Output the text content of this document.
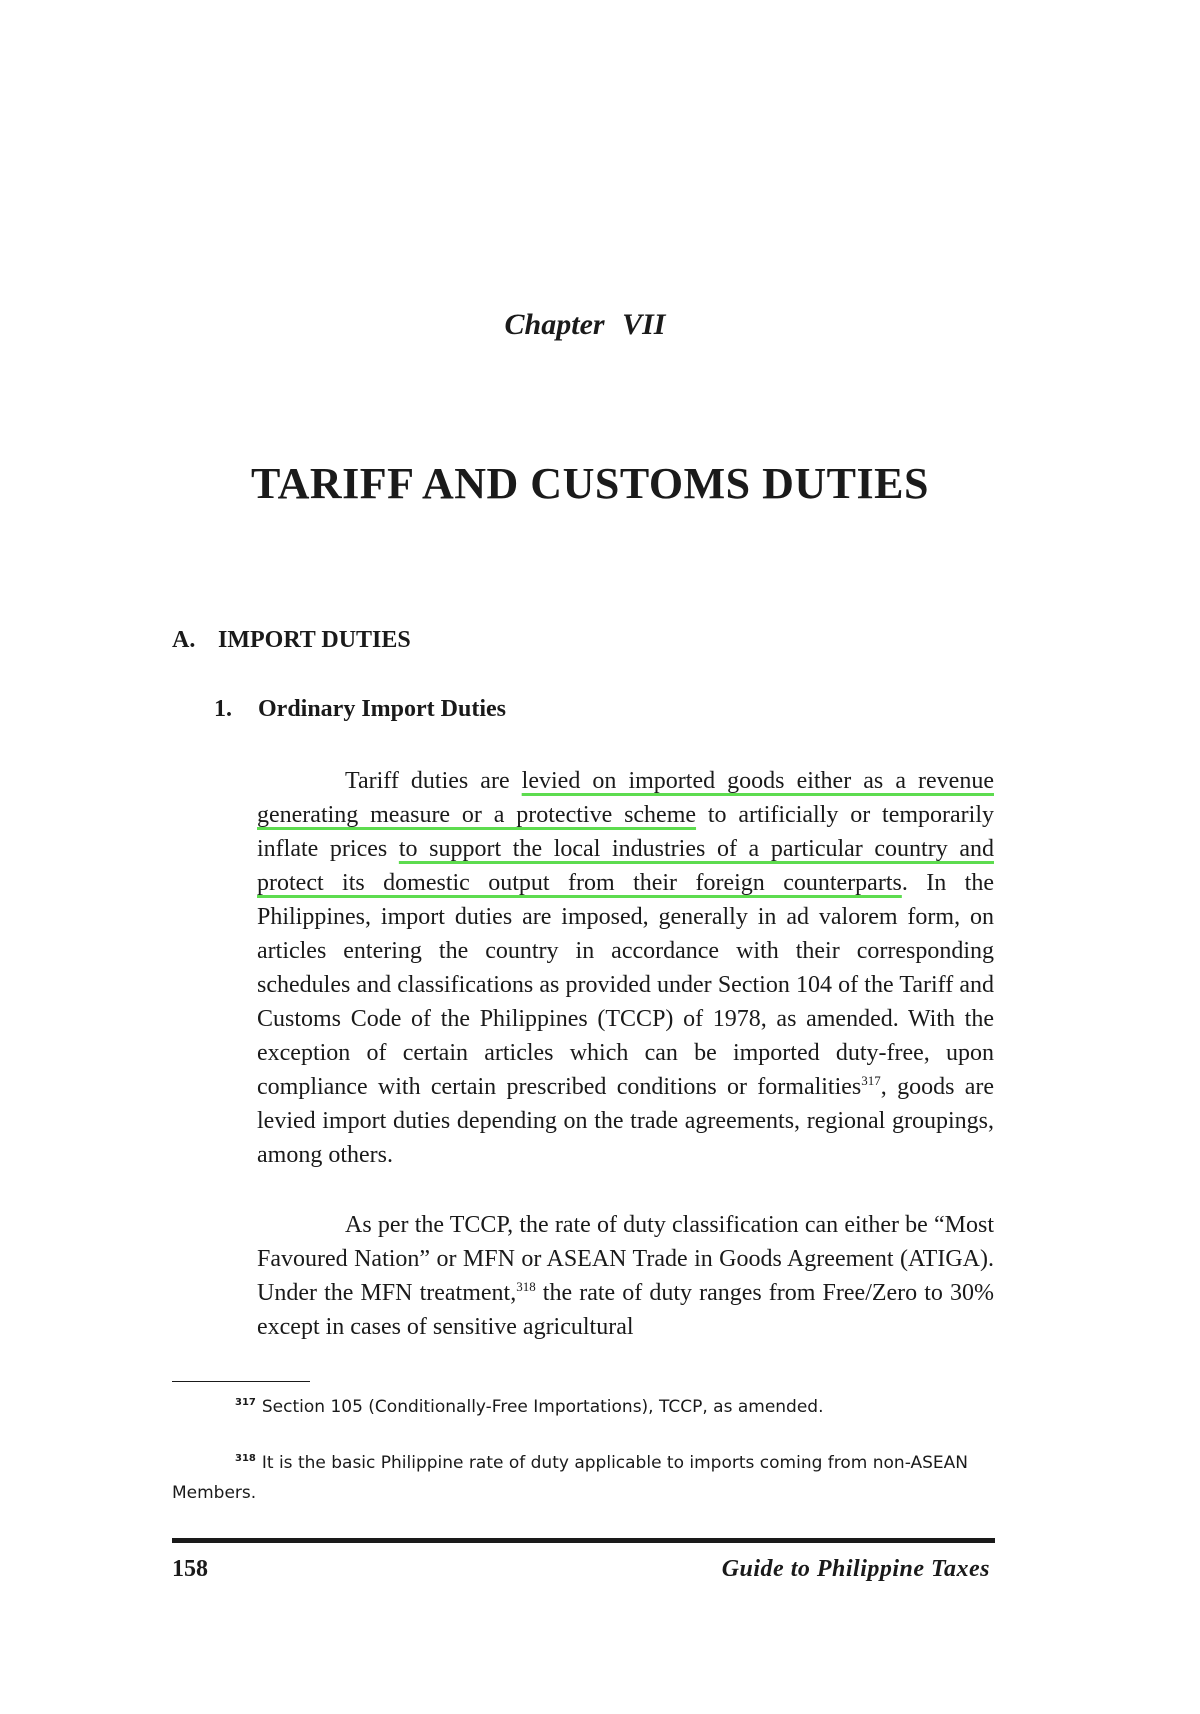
Chapter VII
TARIFF AND CUSTOMS DUTIES
A. IMPORT DUTIES
1. Ordinary Import Duties

Tariff duties are levied on imported goods either as a revenue generating measure or a protective scheme to artificially or temporarily inflate prices to support the local industries of a particular country and protect its domestic output from their foreign counterparts. In the Philippines, import duties are imposed, generally in ad valorem form, on articles entering the country in accordance with their corresponding schedules and classifications as provided under Section 104 of the Tariff and Customs Code of the Philippines (TCCP) of 1978, as amended. With the exception of certain articles which can be imported duty-free, upon compliance with certain prescribed conditions or formalities$^{317}$, goods are levied import duties depending on the trade agreements, regional groupings, among others.

As per the TCCP, the rate of duty classification can either be “Most Favoured Nation” or MFN or ASEAN Trade in Goods Agreement (ATIGA). Under the MFN treatment,$^{318}$ the rate of duty ranges from Free/Zero to 30% except in cases of sensitive agricultural

$^{317}$ Section 105 (Conditionally-Free Importations), TCCP, as amended.

$^{318}$ It is the basic Philippine rate of duty applicable to imports coming from non-ASEAN Members.

158	Guide to Philippine Taxes
